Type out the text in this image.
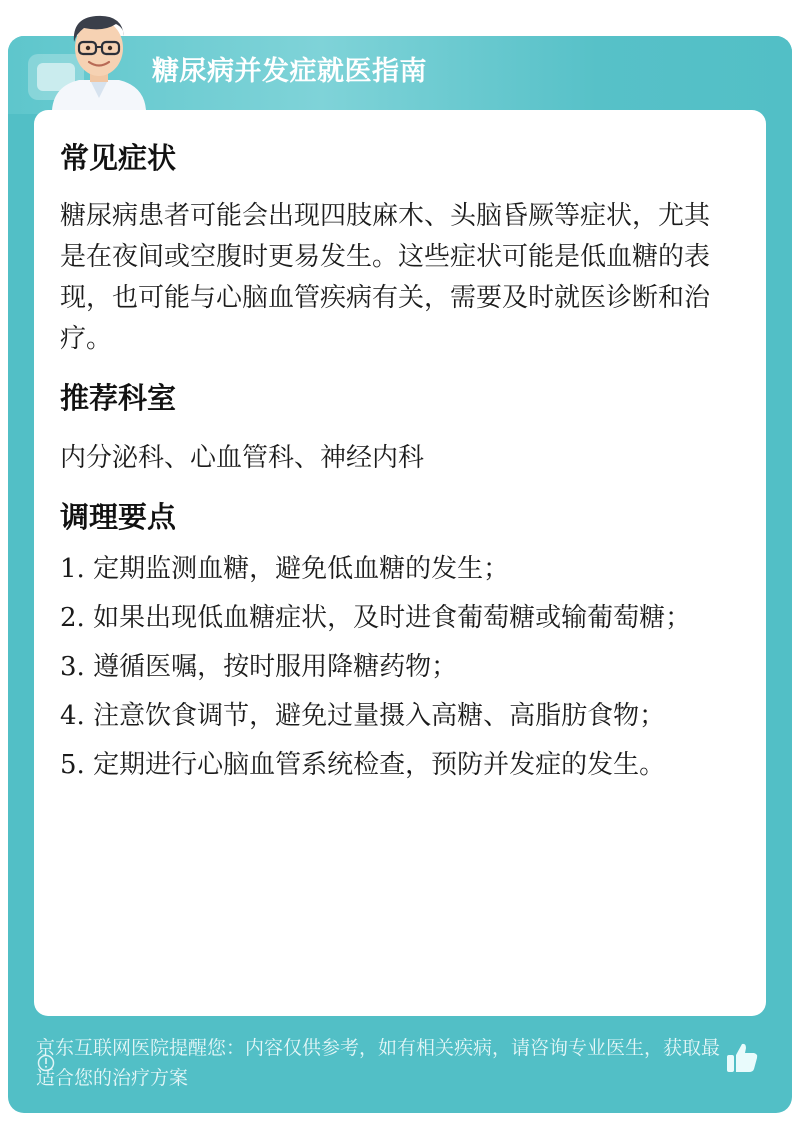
糖尿病并发症就医指南
常见症状

糖尿病患者可能会出现四肢麻木、头脑昏厥等症状，尤其是在夜间或空腹时更易发生。这些症状可能是低血糖的表现，也可能与心脑血管疾病有关，需要及时就医诊断和治疗。

推荐科室

内分泌科、心血管科、神经内科

调理要点
1. 定期监测血糖，避免低血糖的发生；
2. 如果出现低血糖症状，及时进食葡萄糖或输葡萄糖；
3. 遵循医嘱，按时服用降糖药物；
4. 注意饮食调节，避免过量摄入高糖、高脂肪食物；
5. 定期进行心脑血管系统检查，预防并发症的发生。

京东互联网医院提醒您：内容仅供参考，如有相关疾病，请咨询专业医生，获取最适合您的治疗方案
